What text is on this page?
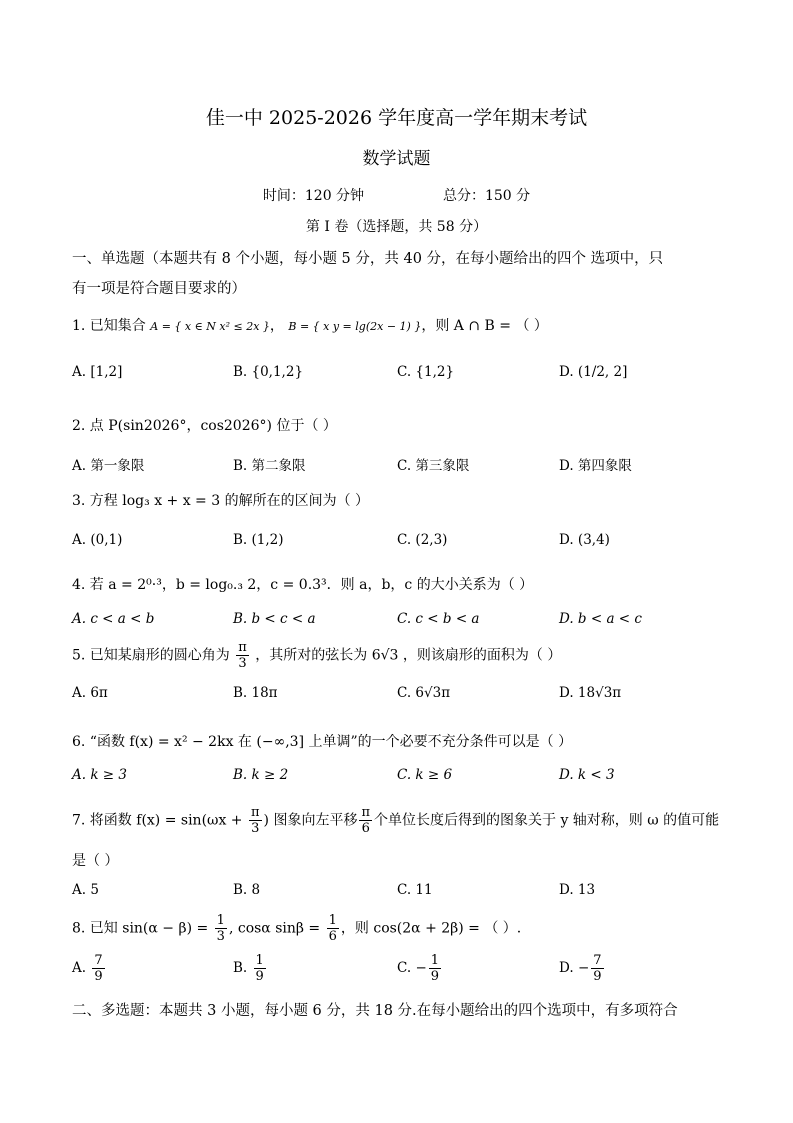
佳一中 2025-2026 学年度高一学年期末考试
数学试题
时间：120 分钟	总分：150 分
第 I 卷（选择题，共 58 分）
一、单选题（本题共有 8 个小题，每小题 5 分，共 40 分，在每小题给出的四个 选项中，只
有一项是符合题目要求的）
1. 已知集合 A = { x ∈ N x² ≤ 2x }， B = { x y = lg(2x − 1) }，则 A ∩ B = （ ）
A. [1,2]	B. {0,1,2}	C. {1,2}	D. (1/2, 2]
2. 点 P(sin2026°，cos2026°) 位于（ ）
A. 第一象限	B. 第二象限	C. 第三象限	D. 第四象限
3. 方程 log₃ x + x = 3 的解所在的区间为（ ）
A. (0,1)	B. (1,2)	C. (2,3)	D. (3,4)
4. 若 a = 2⁰·³，b = log₀.₃ 2，c = 0.3³．则 a，b，c 的大小关系为（ ）
A. c < a < b	B. b < c < a	C. c < b < a	D. b < a < c
5. 已知某扇形的圆心角为 $\frac{\pi}{3}$ ，其所对的弦长为 6√3 ，则该扇形的面积为（ ）
A. 6π	B. 18π	C. 6√3π	D. 18√3π
6. “函数 f(x) = x² − 2kx 在 (−∞,3] 上单调”的一个必要不充分条件可以是（ ）
A. k ≥ 3	B. k ≥ 2	C. k ≥ 6	D. k < 3
7. 将函数 $f(x) = \sin(\omega x + \frac{\pi}{3}$ ) 图象向左平移 $\frac{\pi}{6}$ 个单位长度后得到的图象关于 y 轴对称，则 ω 的值可能
是（ ）
A. 5	B. 8	C. 11	D. 13
8. 已知 $\sin(\alpha - \beta) = \frac{1}{3}$ , cosα $\sin\beta = \frac{1}{6}$ ，则 cos(2α + 2β) = （ ）.
A. $\frac{7}{9}$	B. $\frac{1}{9}$	C. − $\frac{1}{9}$	D. − $\frac{7}{9}$
二、多选题：本题共 3 小题，每小题 6 分，共 18 分.在每小题给出的四个选项中，有多项符合
